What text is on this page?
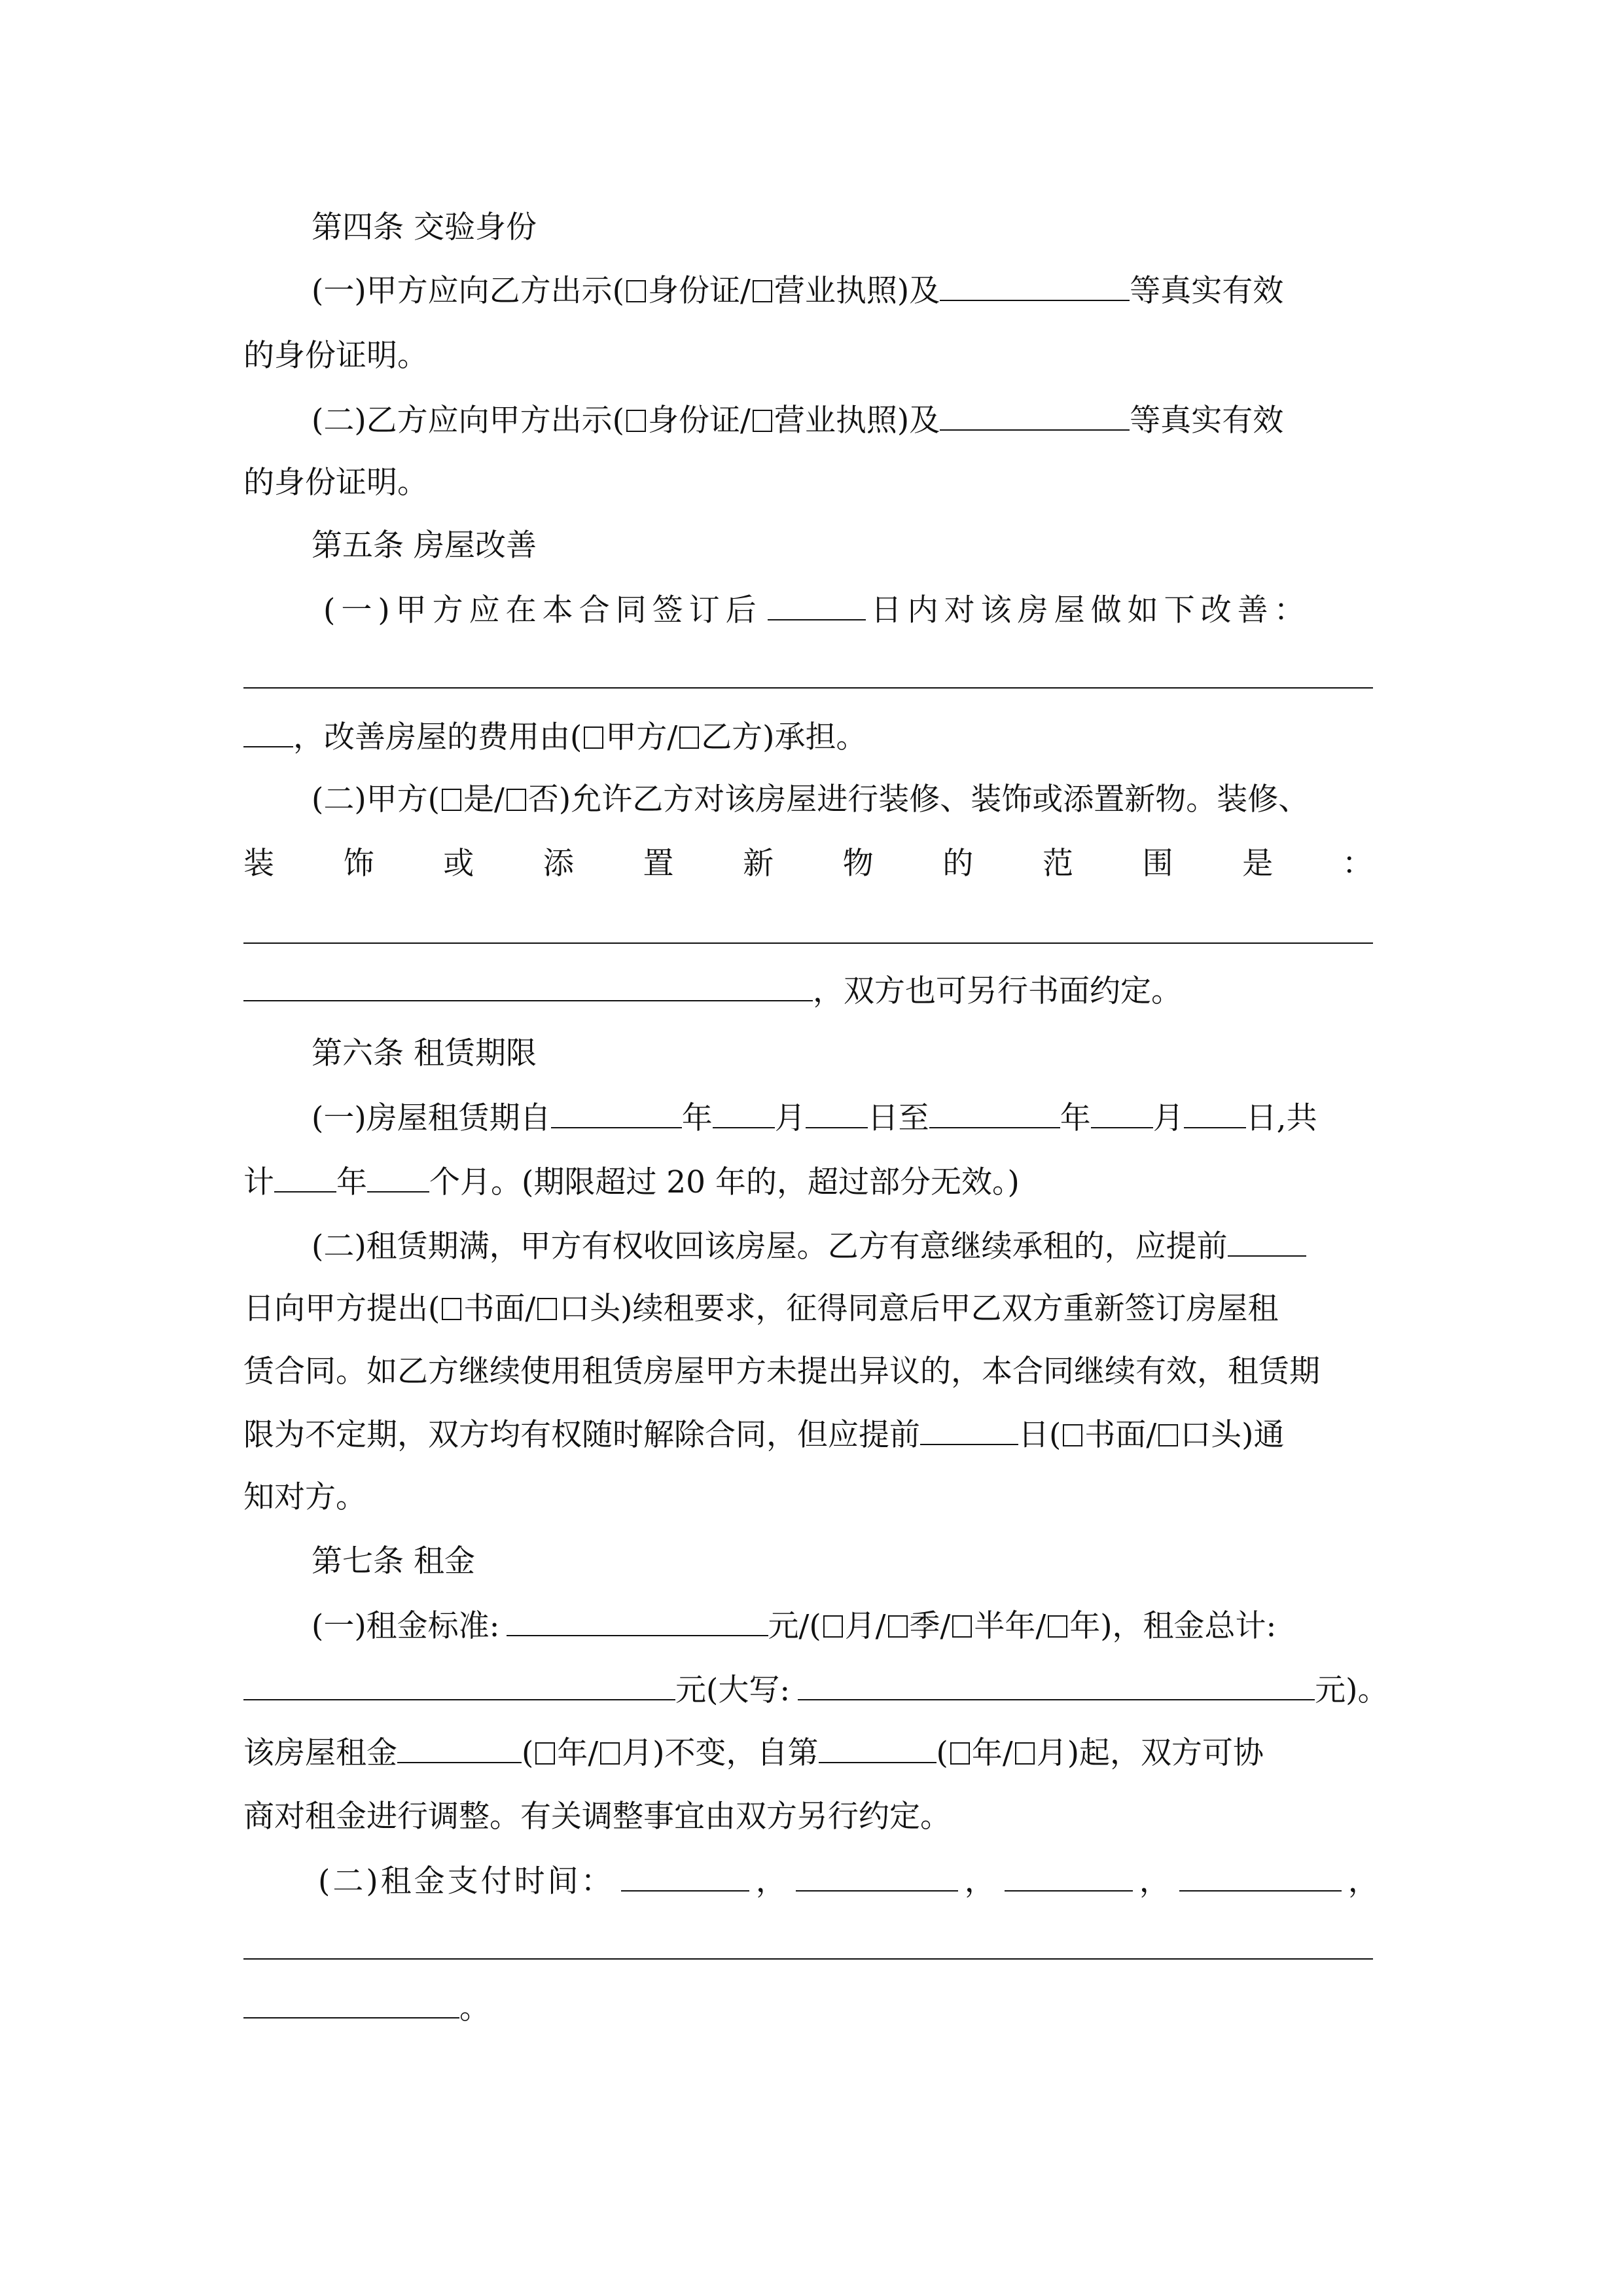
第四条 交验身份
(一)甲方应向乙方出示( 身份证/ 营业执照)及	等真实有效
的身份证明。
(二)乙方应向甲方出示( 身份证/ 营业执照)及	等真实有效
的身份证明。
第五条 房屋改善
(一)甲方应在本合同签订后	日内对该房屋做如下改善：
，改善房屋的费用由( 甲方/ 乙方)承担。
(二)甲方( 是/ 否)允许乙方对该房屋进行装修、装饰或添置新物。装修、
装 饰 或 添 置 新 物 的 范 围 是 ：
，双方也可另行书面约定。
第六条 租赁期限
(一)房屋租赁期自	年 月 日至	年 月 日,共
计 年 个月。(期限超过 20 年的，超过部分无效。)
(二)租赁期满，甲方有权收回该房屋。乙方有意继续承租的，应提前
日向甲方提出( 书面/ 口头)续租要求，征得同意后甲乙双方重新签订房屋租
赁合同。如乙方继续使用租赁房屋甲方未提出异议的，本合同继续有效，租赁期
限为不定期，双方均有权随时解除合同，但应提前	日( 书面/ 口头)通
知对方。
第七条 租金
(一)租金标准:	元/( 月/ 季/ 半年/ 年)，租金总计:
元(大写:	元)。
该房屋租金	( 年/ 月)不变，自第	( 年/ 月)起，双方可协
商对租金进行调整。有关调整事宜由双方另行约定。
(二)租金支付时间：	，	，	，	，
。
